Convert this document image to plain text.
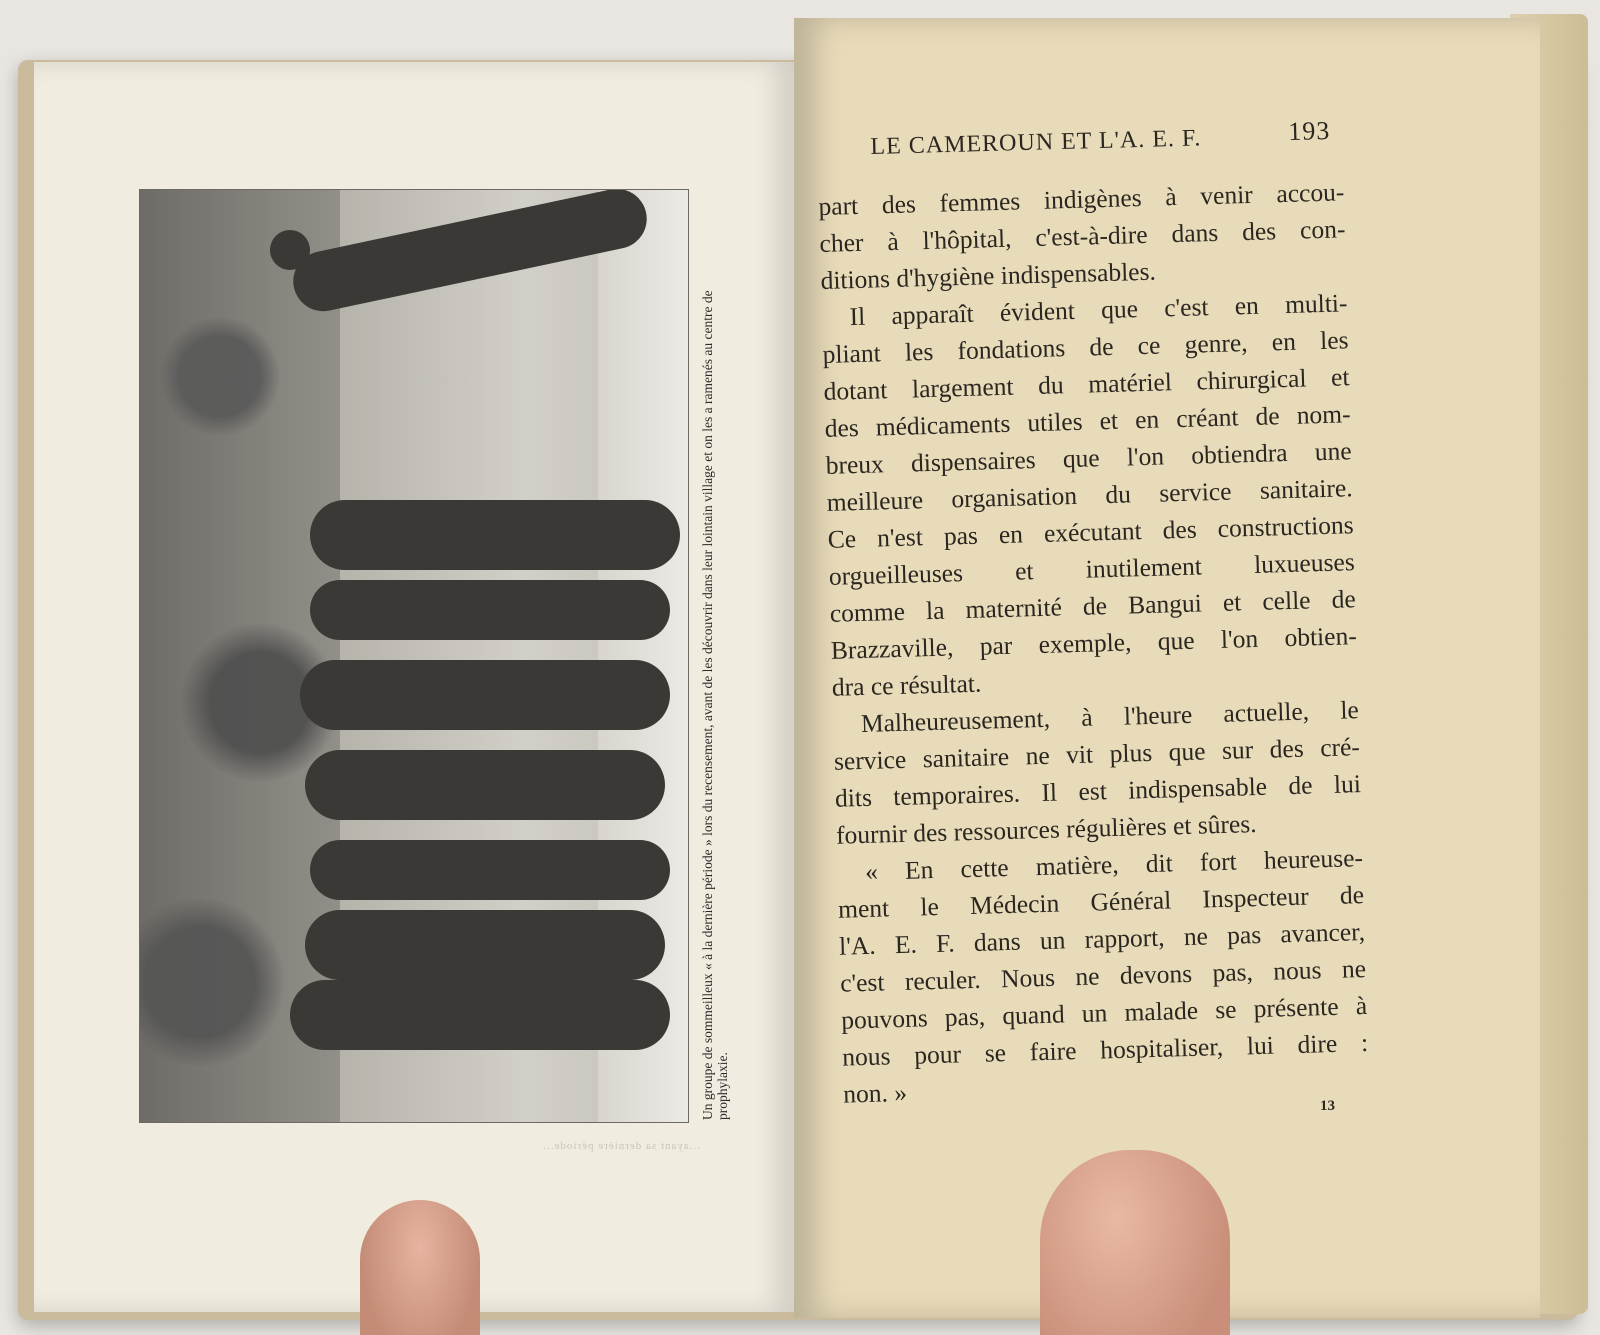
Un groupe de sommeilleux « à la dernière période » lors du recensement, avant de les découvrir dans leur lointain village et on les a ramenés au centre de prophylaxie.
...ayant sa dernière période...
LE CAMEROUN ET L'A. E. F.	193
part des femmes indigènes à venir accou-
cher à l'hôpital, c'est-à-dire dans des con-
ditions d'hygiène indispensables.
Il apparaît évident que c'est en multi-
pliant les fondations de ce genre, en les
dotant largement du matériel chirurgical et
des médicaments utiles et en créant de nom-
breux dispensaires que l'on obtiendra une
meilleure organisation du service sanitaire.
Ce n'est pas en exécutant des constructions
orgueilleuses et inutilement luxueuses
comme la maternité de Bangui et celle de
Brazzaville, par exemple, que l'on obtien-
dra ce résultat.
Malheureusement, à l'heure actuelle, le
service sanitaire ne vit plus que sur des cré-
dits temporaires. Il est indispensable de lui
fournir des ressources régulières et sûres.
« En cette matière, dit fort heureuse-
ment le Médecin Général Inspecteur de
l'A. E. F. dans un rapport, ne pas avancer,
c'est reculer. Nous ne devons pas, nous ne
pouvons pas, quand un malade se présente à
nous pour se faire hospitaliser, lui dire :
non. »	13
